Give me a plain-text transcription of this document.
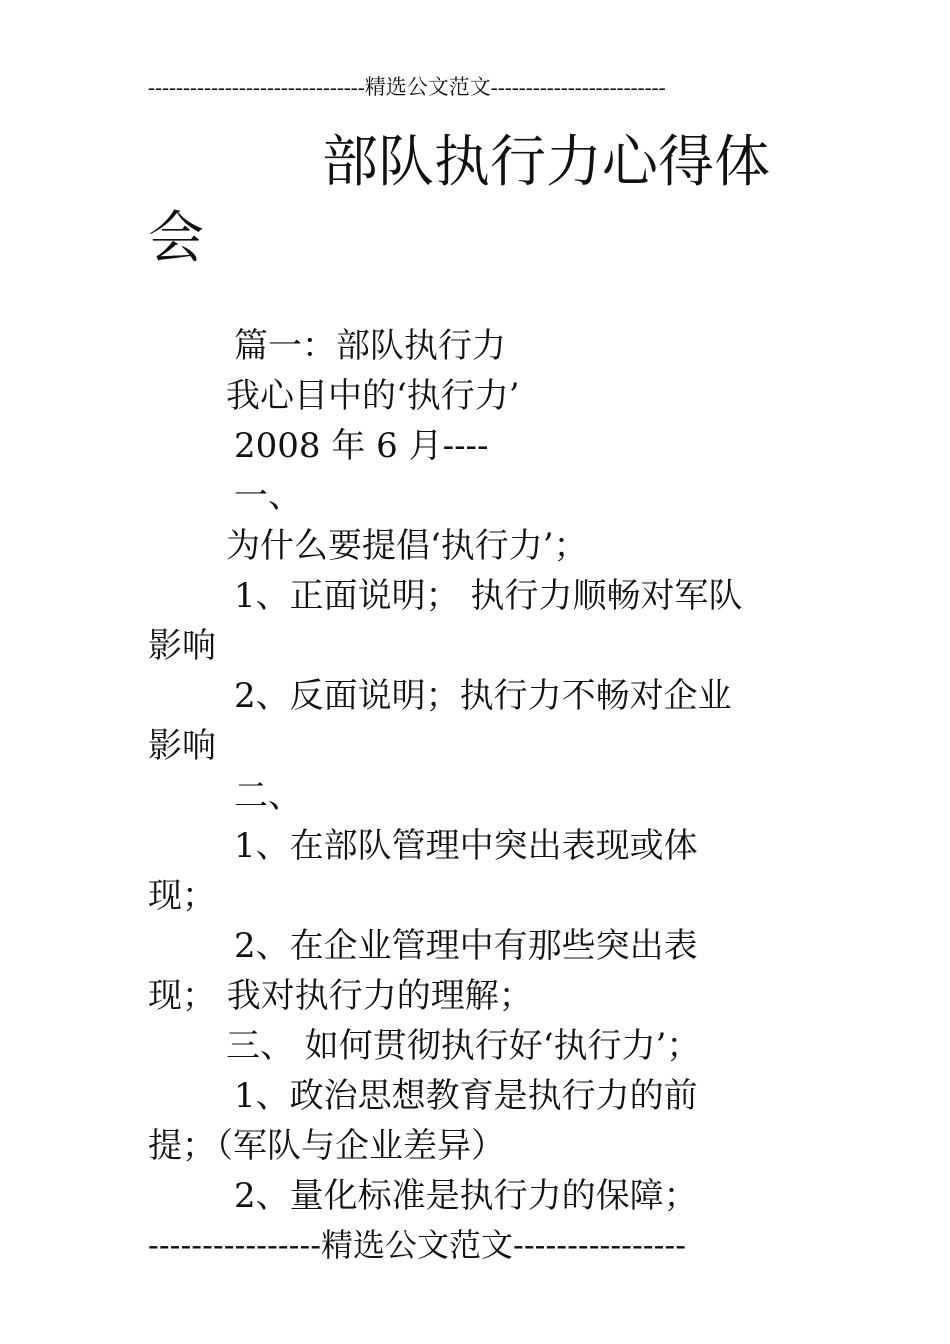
-------------------------------精选公文范文-------------------------
部队执行力心得体会
篇一：部队执行力
我心目中的‘执行力’
2008 年 6 月----
一、
为什么要提倡‘执行力’；
1、正面说明； 执行力顺畅对军队
影响
2、反面说明；执行力不畅对企业
影响
二、
1、在部队管理中突出表现或体
现；
2、在企业管理中有那些突出表
现； 我对执行力的理解；
三、 如何贯彻执行好‘执行力’；
1、政治思想教育是执行力的前
提；（军队与企业差异）
2、量化标准是执行力的保障；
----------------精选公文范文----------------
